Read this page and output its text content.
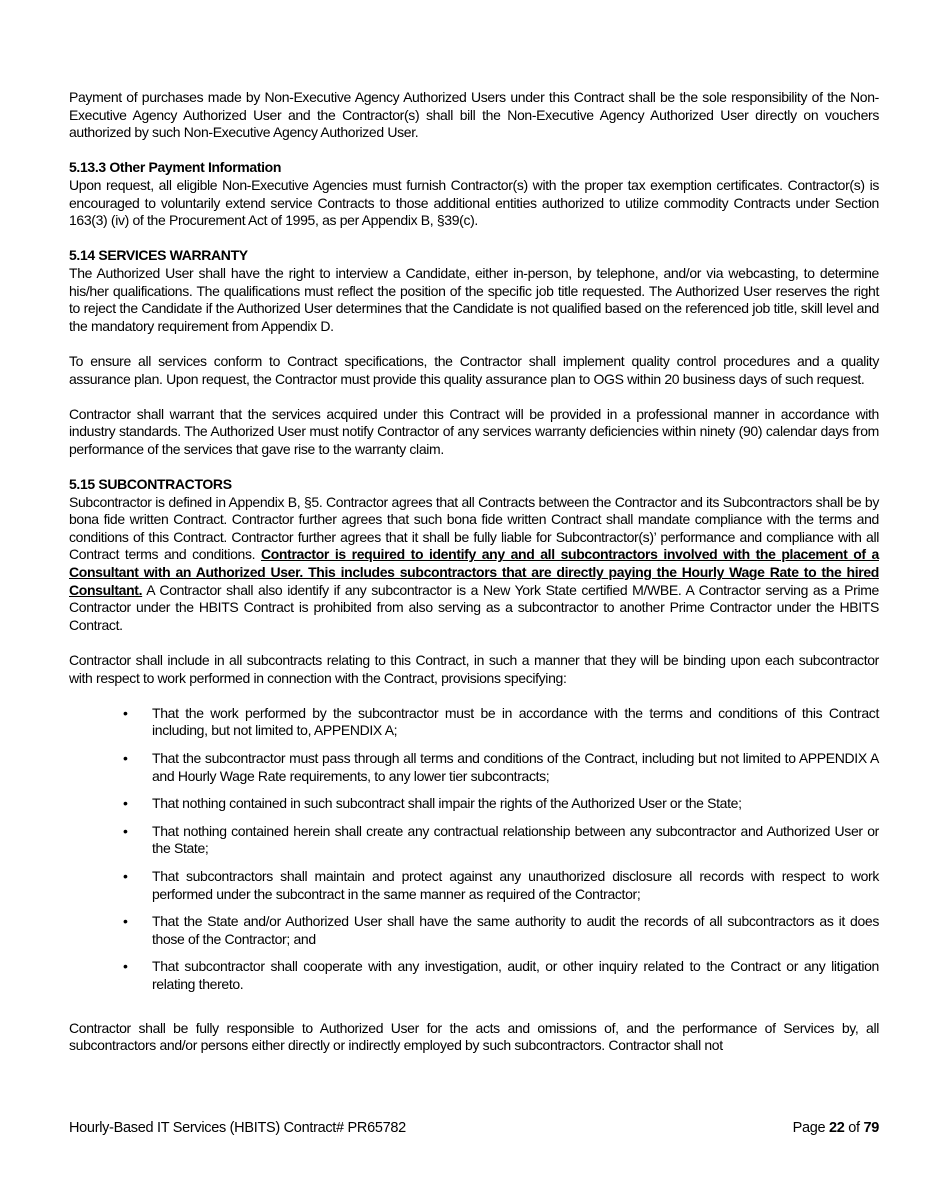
Payment of purchases made by Non-Executive Agency Authorized Users under this Contract shall be the sole responsibility of the Non-Executive Agency Authorized User and the Contractor(s) shall bill the Non-Executive Agency Authorized User directly on vouchers authorized by such Non-Executive Agency Authorized User.

5.13.3 Other Payment Information

Upon request, all eligible Non-Executive Agencies must furnish Contractor(s) with the proper tax exemption certificates. Contractor(s) is encouraged to voluntarily extend service Contracts to those additional entities authorized to utilize commodity Contracts under Section 163(3) (iv) of the Procurement Act of 1995, as per Appendix B, §39(c).

5.14 SERVICES WARRANTY

The Authorized User shall have the right to interview a Candidate, either in-person, by telephone, and/or via webcasting, to determine his/her qualifications. The qualifications must reflect the position of the specific job title requested. The Authorized User reserves the right to reject the Candidate if the Authorized User determines that the Candidate is not qualified based on the referenced job title, skill level and the mandatory requirement from Appendix D.

To ensure all services conform to Contract specifications, the Contractor shall implement quality control procedures and a quality assurance plan. Upon request, the Contractor must provide this quality assurance plan to OGS within 20 business days of such request.

Contractor shall warrant that the services acquired under this Contract will be provided in a professional manner in accordance with industry standards. The Authorized User must notify Contractor of any services warranty deficiencies within ninety (90) calendar days from performance of the services that gave rise to the warranty claim.

5.15 SUBCONTRACTORS

Subcontractor is defined in Appendix B, §5. Contractor agrees that all Contracts between the Contractor and its Subcontractors shall be by bona fide written Contract. Contractor further agrees that such bona fide written Contract shall mandate compliance with the terms and conditions of this Contract. Contractor further agrees that it shall be fully liable for Subcontractor(s)’ performance and compliance with all Contract terms and conditions. Contractor is required to identify any and all subcontractors involved with the placement of a Consultant with an Authorized User. This includes subcontractors that are directly paying the Hourly Wage Rate to the hired Consultant. A Contractor shall also identify if any subcontractor is a New York State certified M/WBE. A Contractor serving as a Prime Contractor under the HBITS Contract is prohibited from also serving as a subcontractor to another Prime Contractor under the HBITS Contract.

Contractor shall include in all subcontracts relating to this Contract, in such a manner that they will be binding upon each subcontractor with respect to work performed in connection with the Contract, provisions specifying:

• That the work performed by the subcontractor must be in accordance with the terms and conditions of this Contract including, but not limited to, APPENDIX A;
• That the subcontractor must pass through all terms and conditions of the Contract, including but not limited to APPENDIX A and Hourly Wage Rate requirements, to any lower tier subcontracts;
• That nothing contained in such subcontract shall impair the rights of the Authorized User or the State;
• That nothing contained herein shall create any contractual relationship between any subcontractor and Authorized User or the State;
• That subcontractors shall maintain and protect against any unauthorized disclosure all records with respect to work performed under the subcontract in the same manner as required of the Contractor;
• That the State and/or Authorized User shall have the same authority to audit the records of all subcontractors as it does those of the Contractor; and
• That subcontractor shall cooperate with any investigation, audit, or other inquiry related to the Contract or any litigation relating thereto.

Contractor shall be fully responsible to Authorized User for the acts and omissions of, and the performance of Services by, all subcontractors and/or persons either directly or indirectly employed by such subcontractors. Contractor shall not

Hourly-Based IT Services (HBITS) Contract# PR65782	Page 22 of 79
